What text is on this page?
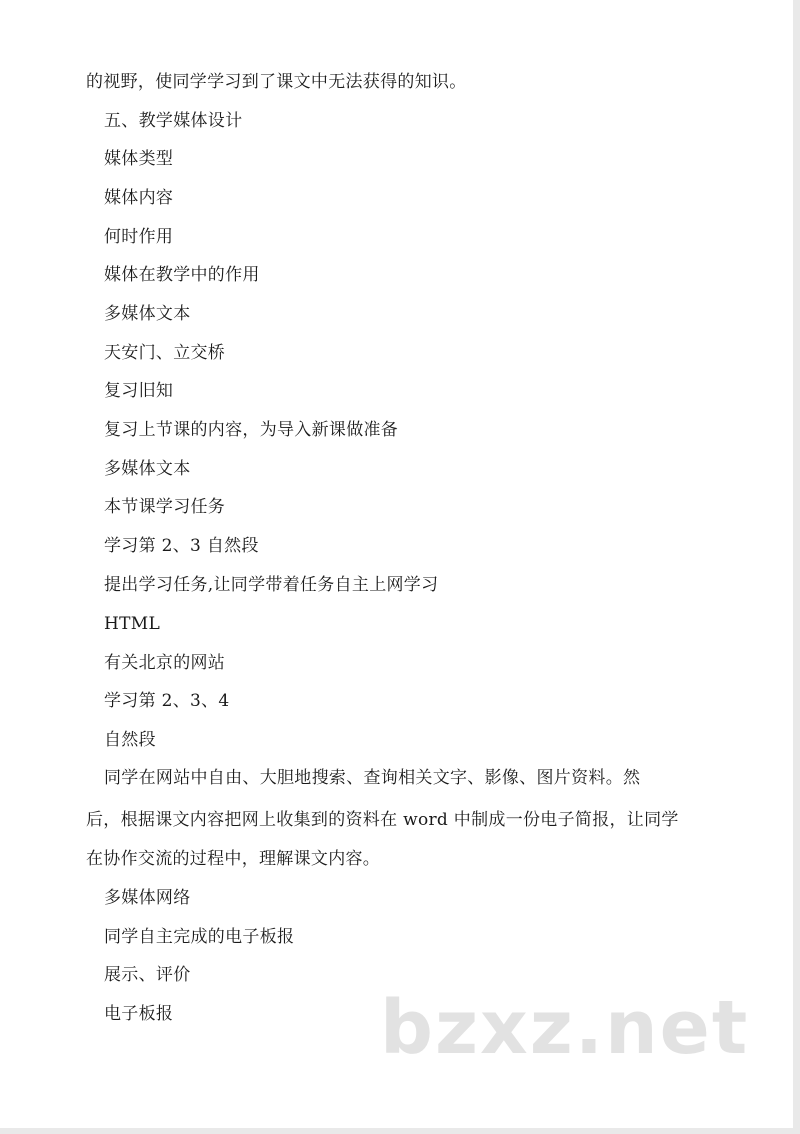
的视野，使同学学习到了课文中无法获得的知识。

五、教学媒体设计

媒体类型

媒体内容

何时作用

媒体在教学中的作用

多媒体文本

天安门、立交桥

复习旧知

复习上节课的内容，为导入新课做准备

多媒体文本

本节课学习任务

学习第 2、3 自然段

提出学习任务,让同学带着任务自主上网学习

HTML

有关北京的网站

学习第 2、3、4

自然段

同学在网站中自由、大胆地搜索、查询相关文字、影像、图片资料。然

后，根据课文内容把网上收集到的资料在 word 中制成一份电子简报，让同学

在协作交流的过程中，理解课文内容。

多媒体网络

同学自主完成的电子板报

展示、评价

电子板报	bzxz.net
